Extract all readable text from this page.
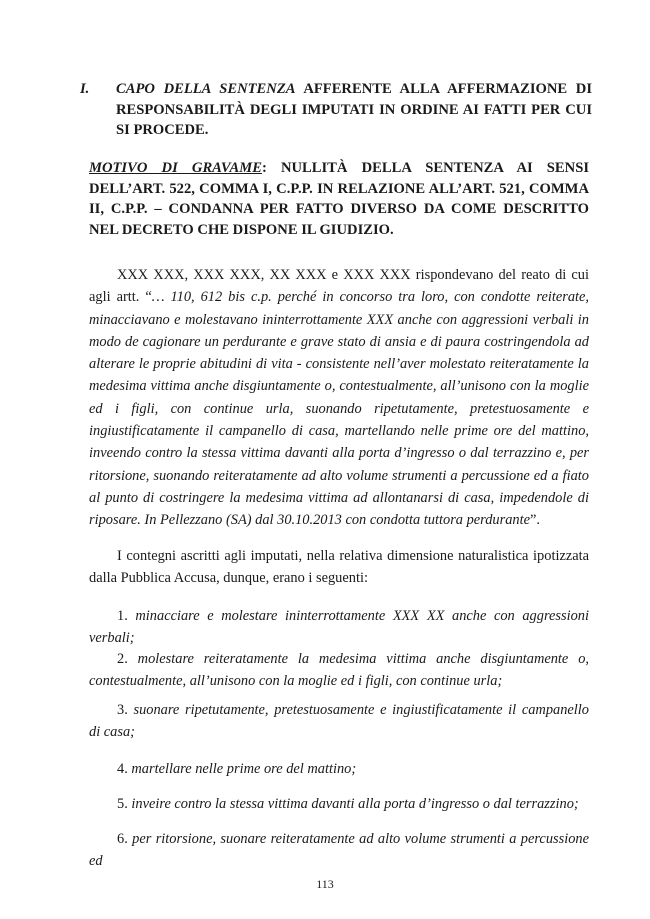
I. CAPO DELLA SENTENZA AFFERENTE ALLA AFFERMAZIONE DI RESPONSABILITÀ DEGLI IMPUTATI IN ORDINE AI FATTI PER CUI SI PROCEDE.
MOTIVO DI GRAVAME: NULLITÀ DELLA SENTENZA AI SENSI DELL’ART. 522, COMMA I, C.P.P. IN RELAZIONE ALL’ART. 521, COMMA II, C.P.P. – CONDANNA PER FATTO DIVERSO DA COME DESCRITTO NEL DECRETO CHE DISPONE IL GIUDIZIO.
XXX XXX, XXX XXX, XX XXX e XXX XXX rispondevano del reato di cui agli artt. “… 110, 612 bis c.p. perché in concorso tra loro, con condotte reiterate, minacciavano e molestavano ininterrottamente XXX anche con aggressioni verbali in modo de cagionare un perdurante e grave stato di ansia e di paura costringendola ad alterare le proprie abitudini di vita - consistente nell’aver molestato reiteratamente la medesima vittima anche disgiuntamente o, contestualmente, all’unisono con la moglie ed i figli, con continue urla, suonando ripetutamente, pretestuosamente e ingiustificatamente il campanello di casa, martellando nelle prime ore del mattino, inveendo contro la stessa vittima davanti alla porta d’ingresso o dal terrazzino e, per ritorsione, suonando reiteratamente ad alto volume strumenti a percussione ed a fiato al punto di costringere la medesima vittima ad allontanarsi di casa, impedendole di riposare. In Pellezzano (SA) dal 30.10.2013 con condotta tuttora perdurante”.
I contegni ascritti agli imputati, nella relativa dimensione naturalistica ipotizzata dalla Pubblica Accusa, dunque, erano i seguenti:
1. minacciare e molestare ininterrottamente XXX XX anche con aggressioni verbali;
2. molestare reiteratamente la medesima vittima anche disgiuntamente o, contestualmente, all’unisono con la moglie ed i figli, con continue urla;
3. suonare ripetutamente, pretestuosamente e ingiustificatamente il campanello di casa;
4. martellare nelle prime ore del mattino;
5. inveire contro la stessa vittima davanti alla porta d’ingresso o dal terrazzino;
6. per ritorsione, suonare reiteratamente ad alto volume strumenti a percussione ed
113
